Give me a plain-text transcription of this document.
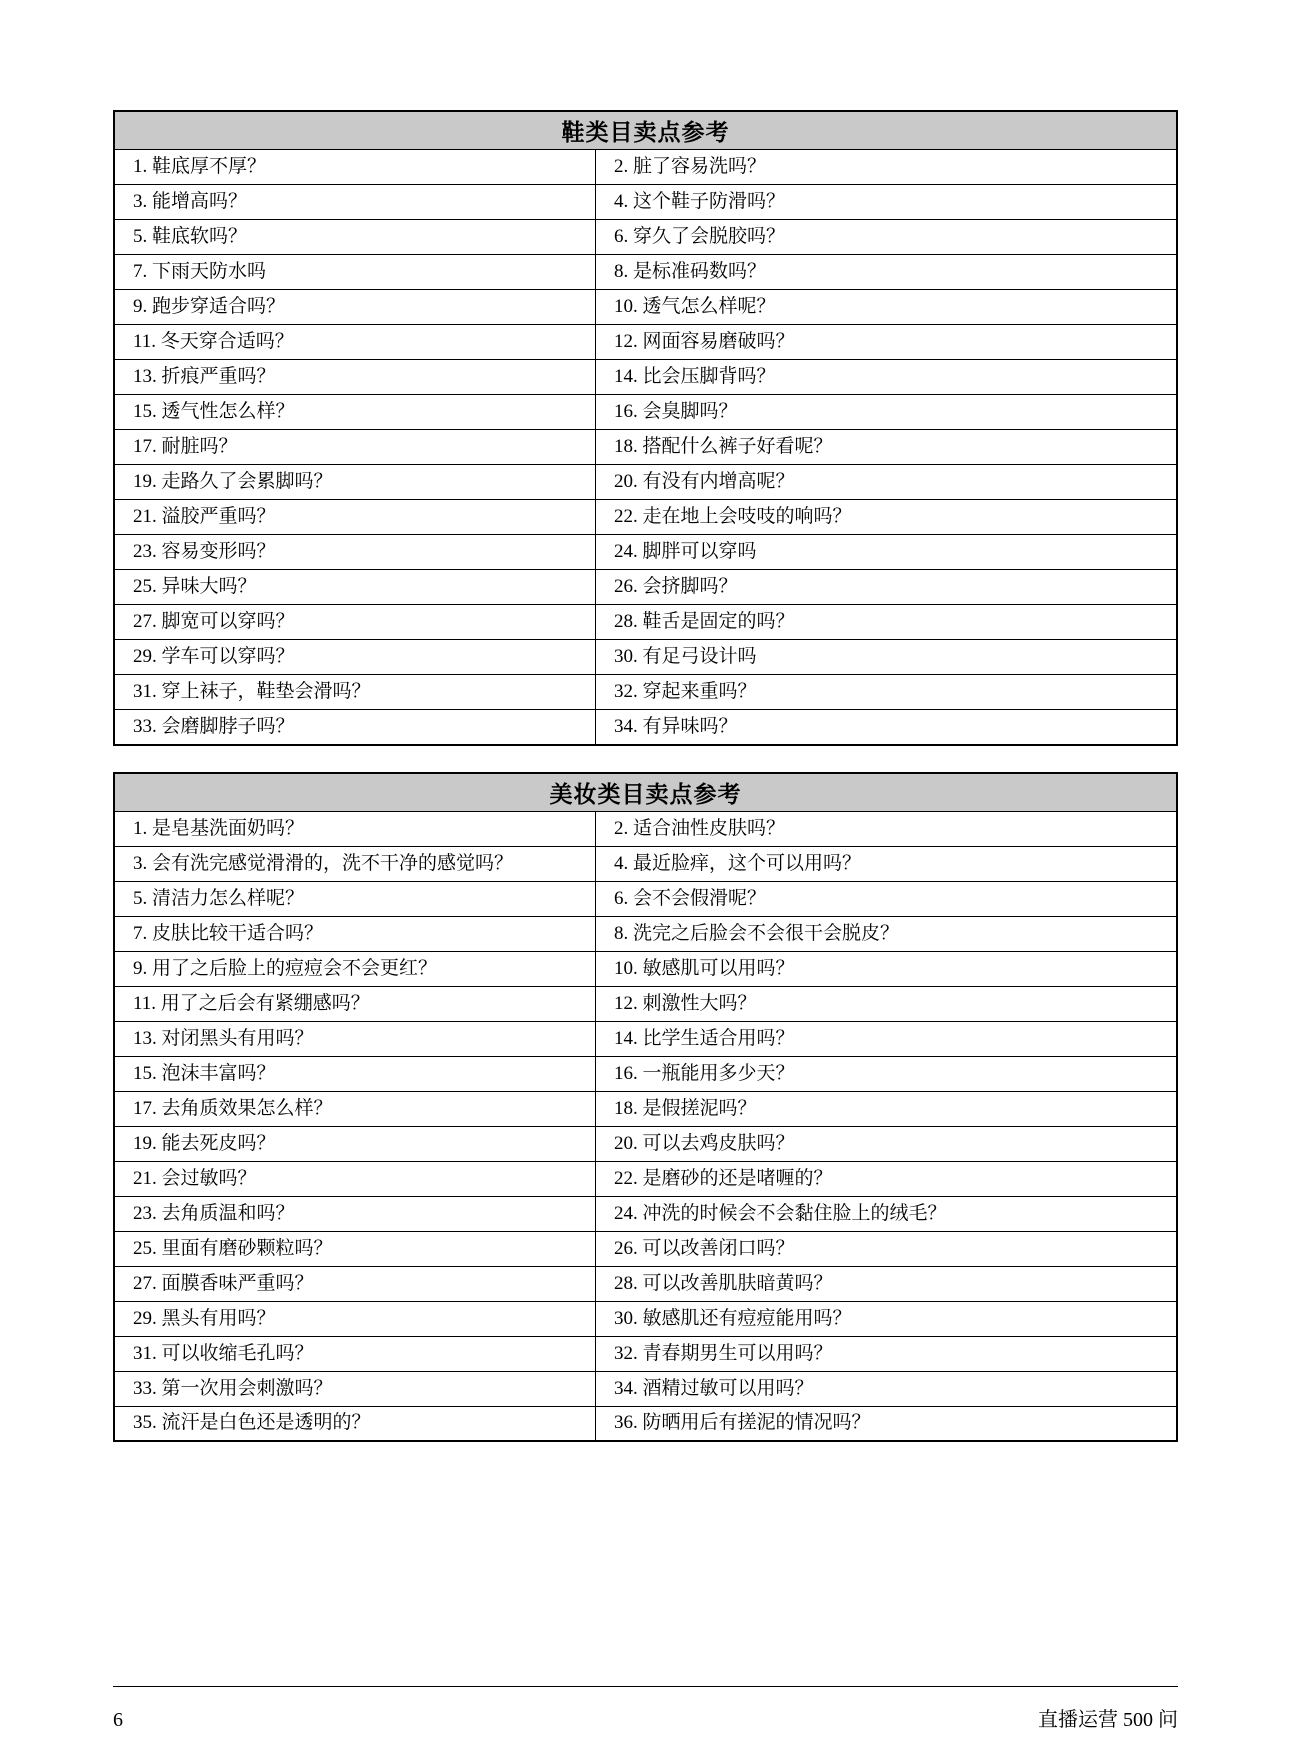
鞋类目卖点参考	
1. 鞋底厚不厚？	2. 脏了容易洗吗？
3. 能增高吗？	4. 这个鞋子防滑吗？
5. 鞋底软吗？	6. 穿久了会脱胶吗？
7. 下雨天防水吗	8. 是标准码数吗？
9. 跑步穿适合吗？	10. 透气怎么样呢？
11. 冬天穿合适吗？	12. 网面容易磨破吗？
13. 折痕严重吗？	14. 比会压脚背吗？
15. 透气性怎么样？	16. 会臭脚吗？
17. 耐脏吗？	18. 搭配什么裤子好看呢？
19. 走路久了会累脚吗？	20. 有没有内增高呢？
21. 溢胶严重吗？	22. 走在地上会吱吱的响吗？
23. 容易变形吗？	24. 脚胖可以穿吗
25. 异味大吗？	26. 会挤脚吗？
27. 脚宽可以穿吗？	28. 鞋舌是固定的吗？
29. 学车可以穿吗？	30. 有足弓设计吗
31. 穿上袜子，鞋垫会滑吗？	32. 穿起来重吗？
33. 会磨脚脖子吗？	34. 有异味吗？
美妆类目卖点参考	
1. 是皂基洗面奶吗？	2. 适合油性皮肤吗？
3. 会有洗完感觉滑滑的，洗不干净的感觉吗？	4. 最近脸痒，这个可以用吗？
5. 清洁力怎么样呢？	6. 会不会假滑呢？
7. 皮肤比较干适合吗？	8. 洗完之后脸会不会很干会脱皮？
9. 用了之后脸上的痘痘会不会更红？	10. 敏感肌可以用吗？
11. 用了之后会有紧绷感吗？	12. 刺激性大吗？
13. 对闭黑头有用吗？	14. 比学生适合用吗？
15. 泡沫丰富吗？	16. 一瓶能用多少天？
17. 去角质效果怎么样？	18. 是假搓泥吗？
19. 能去死皮吗？	20. 可以去鸡皮肤吗？
21. 会过敏吗？	22. 是磨砂的还是啫喱的？
23. 去角质温和吗？	24. 冲洗的时候会不会黏住脸上的绒毛？
25. 里面有磨砂颗粒吗？	26. 可以改善闭口吗？
27. 面膜香味严重吗？	28. 可以改善肌肤暗黄吗？
29. 黑头有用吗？	30. 敏感肌还有痘痘能用吗？
31. 可以收缩毛孔吗？	32. 青春期男生可以用吗？
33. 第一次用会刺激吗？	34. 酒精过敏可以用吗？
35. 流汗是白色还是透明的？	36. 防晒用后有搓泥的情况吗？
6	直播运营 500 问
